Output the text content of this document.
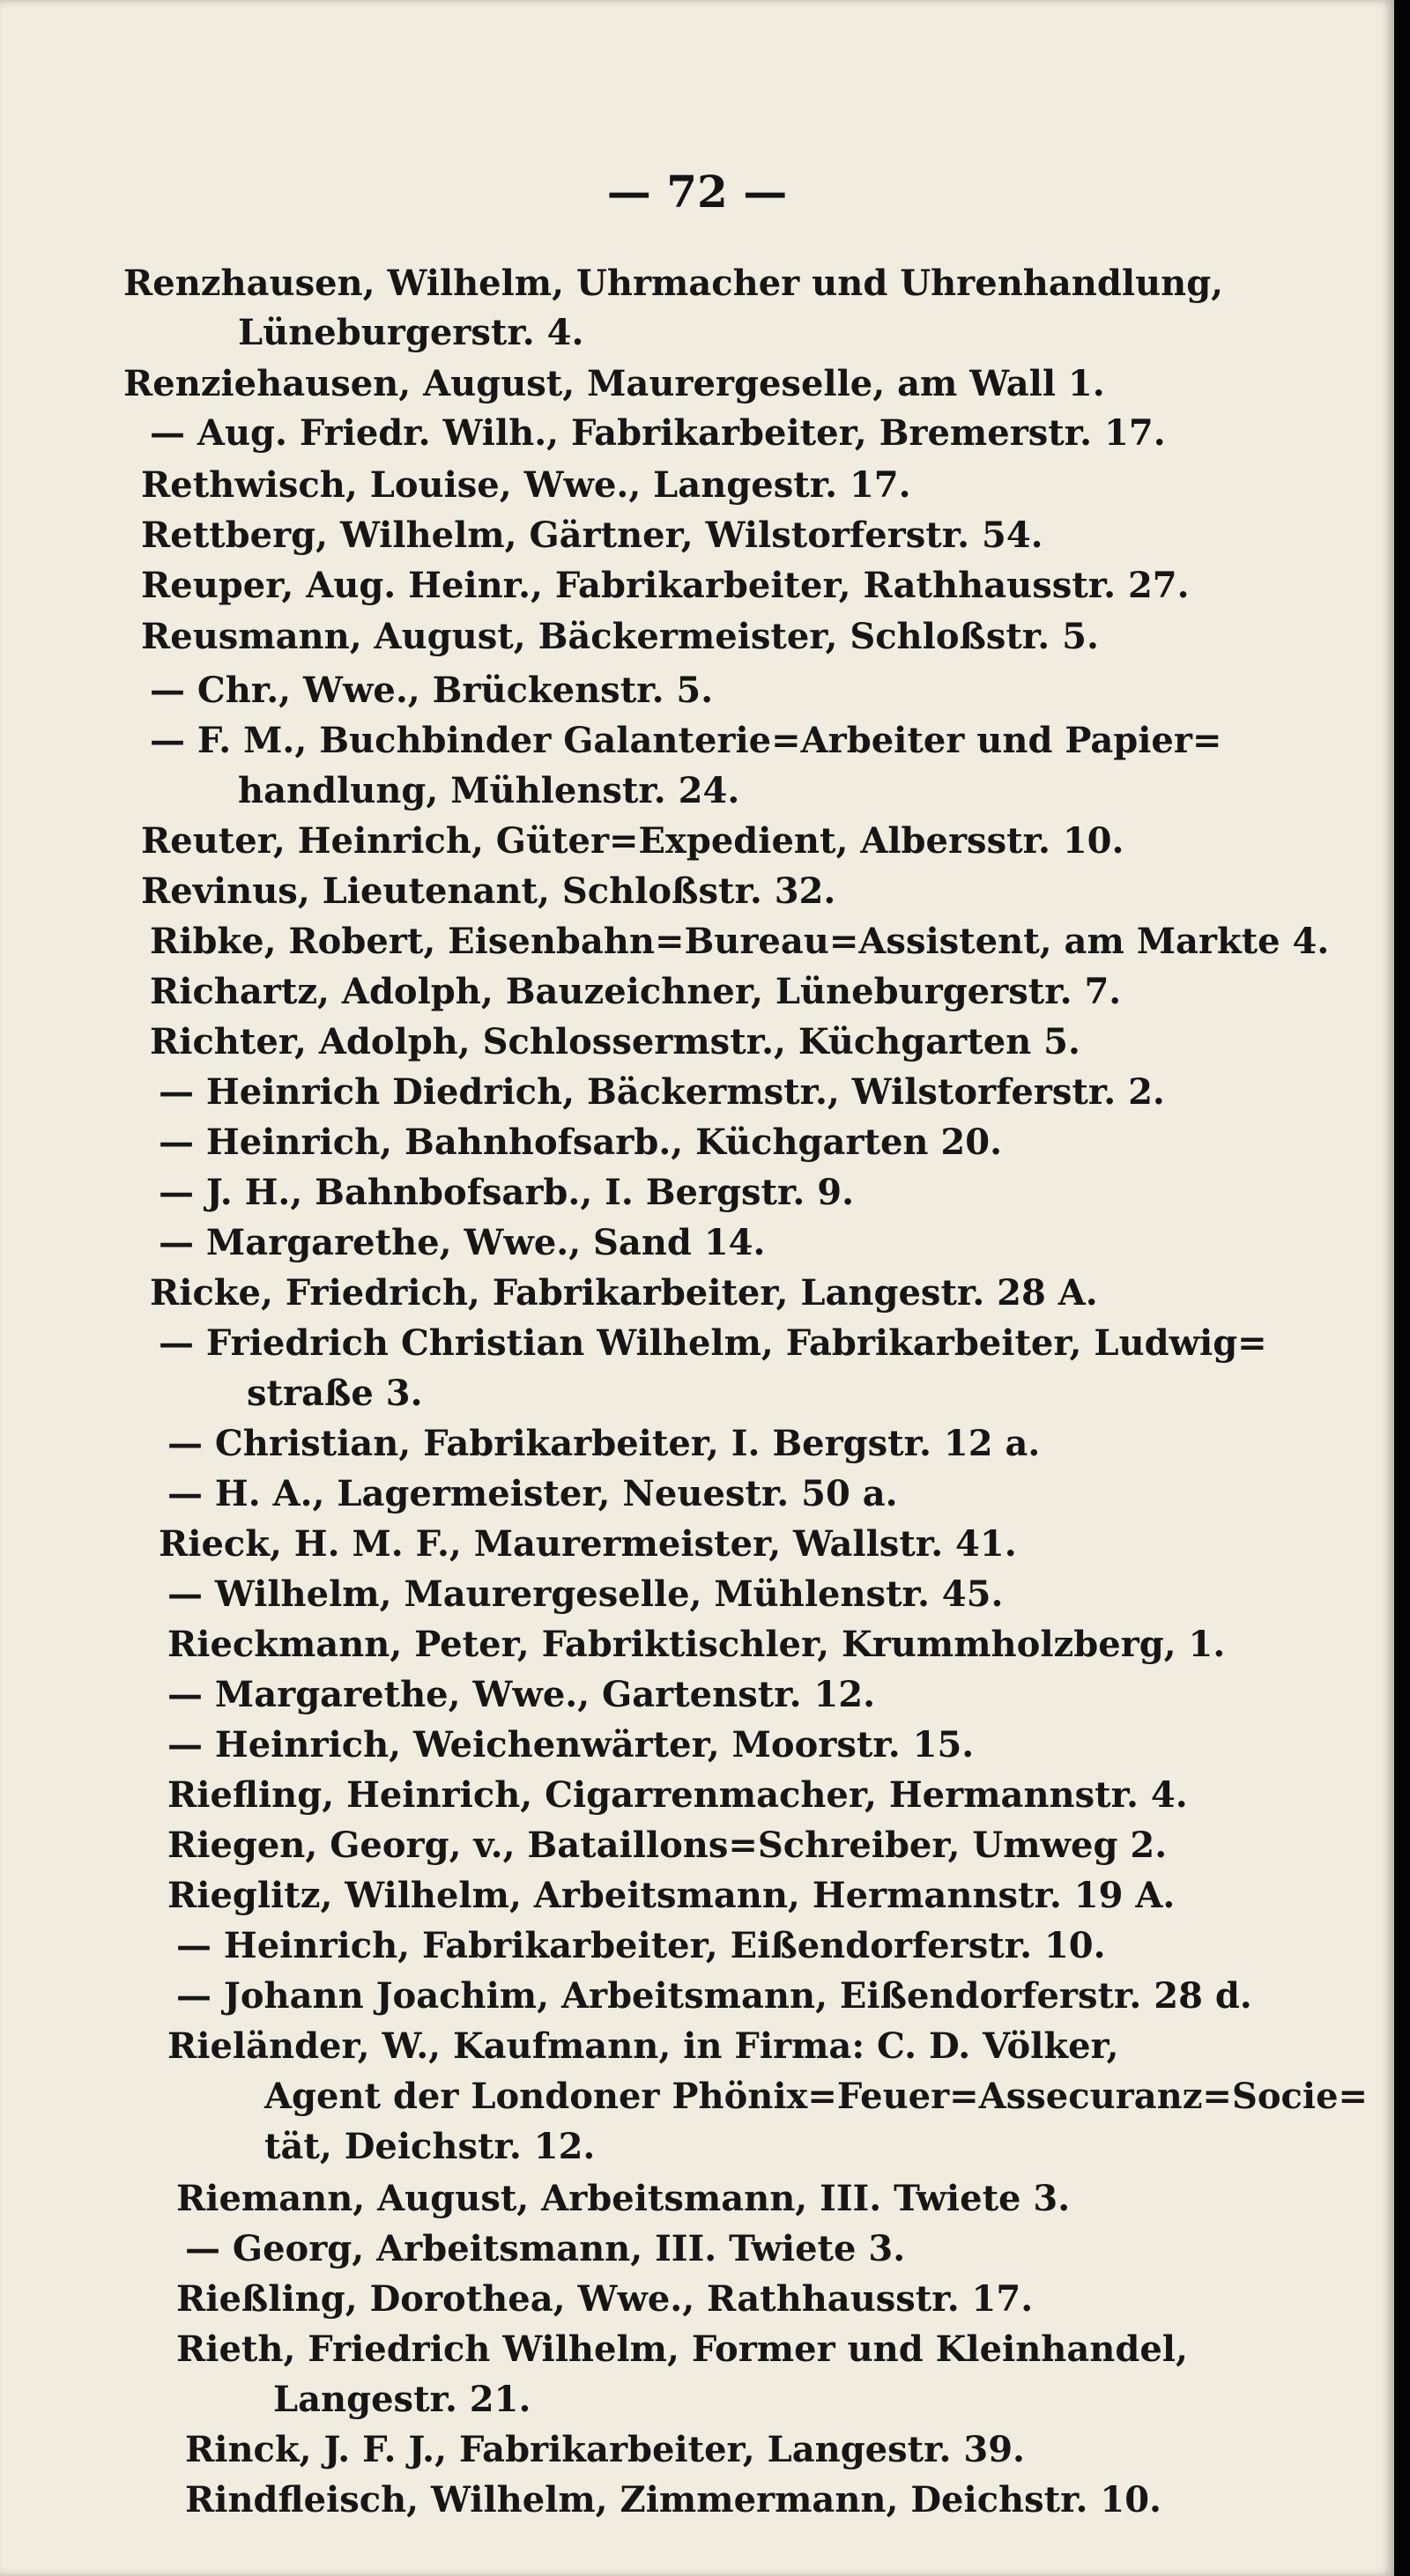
— 72 —
Renzhausen, Wilhelm, Uhrmacher und Uhrenhandlung,
Lüneburgerstr. 4.
Renziehausen, August, Maurergeselle, am Wall 1.
— Aug. Friedr. Wilh., Fabrikarbeiter, Bremerstr. 17.
Rethwisch, Louise, Wwe., Langestr. 17.
Rettberg, Wilhelm, Gärtner, Wilstorferstr. 54.
Reuper, Aug. Heinr., Fabrikarbeiter, Rathhausstr. 27.
Reusmann, August, Bäckermeister, Schloßstr. 5.
— Chr., Wwe., Brückenstr. 5.
— F. M., Buchbinder Galanterie=Arbeiter und Papier=
handlung, Mühlenstr. 24.
Reuter, Heinrich, Güter=Expedient, Albersstr. 10.
Revinus, Lieutenant, Schloßstr. 32.
Ribke, Robert, Eisenbahn=Bureau=Assistent, am Markte 4.
Richartz, Adolph, Bauzeichner, Lüneburgerstr. 7.
Richter, Adolph, Schlossermstr., Küchgarten 5.
— Heinrich Diedrich, Bäckermstr., Wilstorferstr. 2.
— Heinrich, Bahnhofsarb., Küchgarten 20.
— J. H., Bahnbofsarb., I. Bergstr. 9.
— Margarethe, Wwe., Sand 14.
Ricke, Friedrich, Fabrikarbeiter, Langestr. 28 A.
— Friedrich Christian Wilhelm, Fabrikarbeiter, Ludwig=
straße 3.
— Christian, Fabrikarbeiter, I. Bergstr. 12 a.
— H. A., Lagermeister, Neuestr. 50 a.
Rieck, H. M. F., Maurermeister, Wallstr. 41.
— Wilhelm, Maurergeselle, Mühlenstr. 45.
Rieckmann, Peter, Fabriktischler, Krummholzberg, 1.
— Margarethe, Wwe., Gartenstr. 12.
— Heinrich, Weichenwärter, Moorstr. 15.
Riefling, Heinrich, Cigarrenmacher, Hermannstr. 4.
Riegen, Georg, v., Bataillons=Schreiber, Umweg 2.
Rieglitz, Wilhelm, Arbeitsmann, Hermannstr. 19 A.
— Heinrich, Fabrikarbeiter, Eißendorferstr. 10.
— Johann Joachim, Arbeitsmann, Eißendorferstr. 28 d.
Rieländer, W., Kaufmann, in Firma: C. D. Völker,
Agent der Londoner Phönix=Feuer=Assecuranz=Socie=
tät, Deichstr. 12.
Riemann, August, Arbeitsmann, III. Twiete 3.
— Georg, Arbeitsmann, III. Twiete 3.
Rießling, Dorothea, Wwe., Rathhausstr. 17.
Rieth, Friedrich Wilhelm, Former und Kleinhandel,
Langestr. 21.
Rinck, J. F. J., Fabrikarbeiter, Langestr. 39.
Rindfleisch, Wilhelm, Zimmermann, Deichstr. 10.
